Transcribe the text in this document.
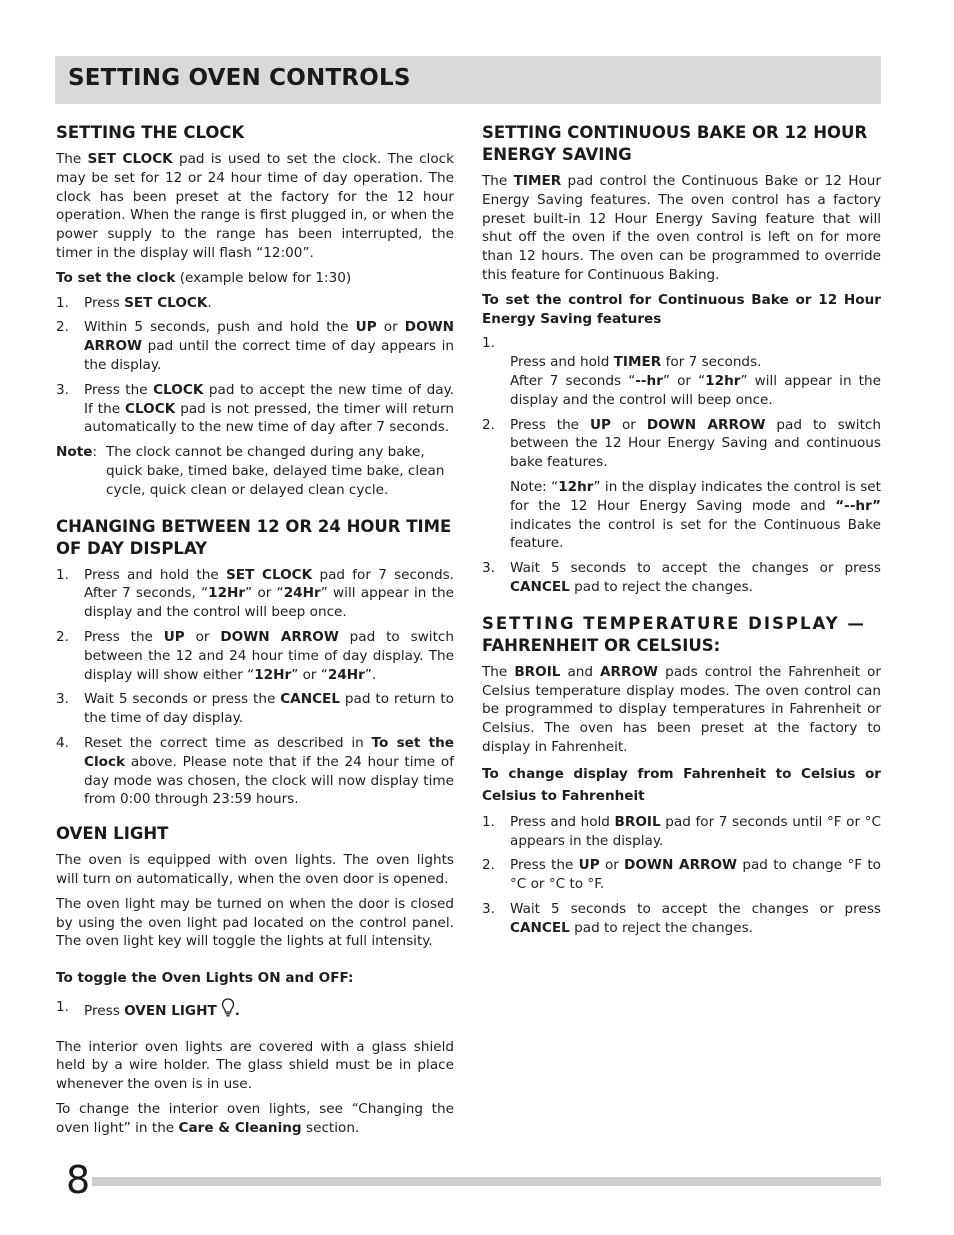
SETTING OVEN CONTROLS
SETTING THE CLOCK

The SET CLOCK pad is used to set the clock. The clock may be set for 12 or 24 hour time of day operation. The clock has been preset at the factory for the 12 hour operation. When the range is first plugged in, or when the power supply to the range has been interrupted, the timer in the display will flash “12:00”.

To set the clock (example below for 1:30)

1. Press SET CLOCK.
2. Within 5 seconds, push and hold the UP or DOWN ARROW pad until the correct time of day appears in the display.
3. Press the CLOCK pad to accept the new time of day. If the CLOCK pad is not pressed, the timer will return automatically to the new time of day after 7 seconds.
Note: The clock cannot be changed during any bake, quick bake, timed bake, delayed time bake, clean cycle, quick clean or delayed clean cycle.
CHANGING BETWEEN 12 OR 24 HOUR TIME OF DAY DISPLAY
1. Press and hold the SET CLOCK pad for 7 seconds. After 7 seconds, “12Hr” or “24Hr” will appear in the display and the control will beep once.
2. Press the UP or DOWN ARROW pad to switch between the 12 and 24 hour time of day display. The display will show either “12Hr” or “24Hr”.
3. Wait 5 seconds or press the CANCEL pad to return to the time of day display.
4. Reset the correct time as described in To set the Clock above. Please note that if the 24 hour time of day mode was chosen, the clock will now display time from 0:00 through 23:59 hours.
OVEN LIGHT

The oven is equipped with oven lights. The oven lights will turn on automatically, when the oven door is opened.

The oven light may be turned on when the door is closed by using the oven light pad located on the control panel. The oven light key will toggle the lights at full intensity.

To toggle the Oven Lights ON and OFF:

1. Press OVEN LIGHT .

The interior oven lights are covered with a glass shield held by a wire holder. The glass shield must be in place whenever the oven is in use.

To change the interior oven lights, see “Changing the oven light” in the Care & Cleaning section.

SETTING CONTINUOUS BAKE OR 12 HOUR ENERGY SAVING

The TIMER pad control the Continuous Bake or 12 Hour Energy Saving features. The oven control has a factory preset built-in 12 Hour Energy Saving feature that will shut off the oven if the oven control is left on for more than 12 hours. The oven can be programmed to override this feature for Continuous Baking.

To set the control for Continuous Bake or 12 Hour Energy Saving features

1.
Press and hold TIMER for 7 seconds.
After 7 seconds “--hr” or “12hr” will appear in the display and the control will beep once.

2. Press the UP or DOWN ARROW pad to switch between the 12 Hour Energy Saving and continuous bake features.
Note: “12hr” in the display indicates the control is set for the 12 Hour Energy Saving mode and “--hr” indicates the control is set for the Continuous Bake feature.
3. Wait 5 seconds to accept the changes or press CANCEL pad to reject the changes.
SETTING TEMPERATURE DISPLAY —
FAHRENHEIT OR CELSIUS:

The BROIL and ARROW pads control the Fahrenheit or Celsius temperature display modes. The oven control can be programmed to display temperatures in Fahrenheit or Celsius. The oven has been preset at the factory to display in Fahrenheit.

To change display from Fahrenheit to Celsius or Celsius to Fahrenheit

1. Press and hold BROIL pad for 7 seconds until °F or °C appears in the display.
2. Press the UP or DOWN ARROW pad to change °F to °C or °C to °F.
3. Wait 5 seconds to accept the changes or press CANCEL pad to reject the changes.
8
